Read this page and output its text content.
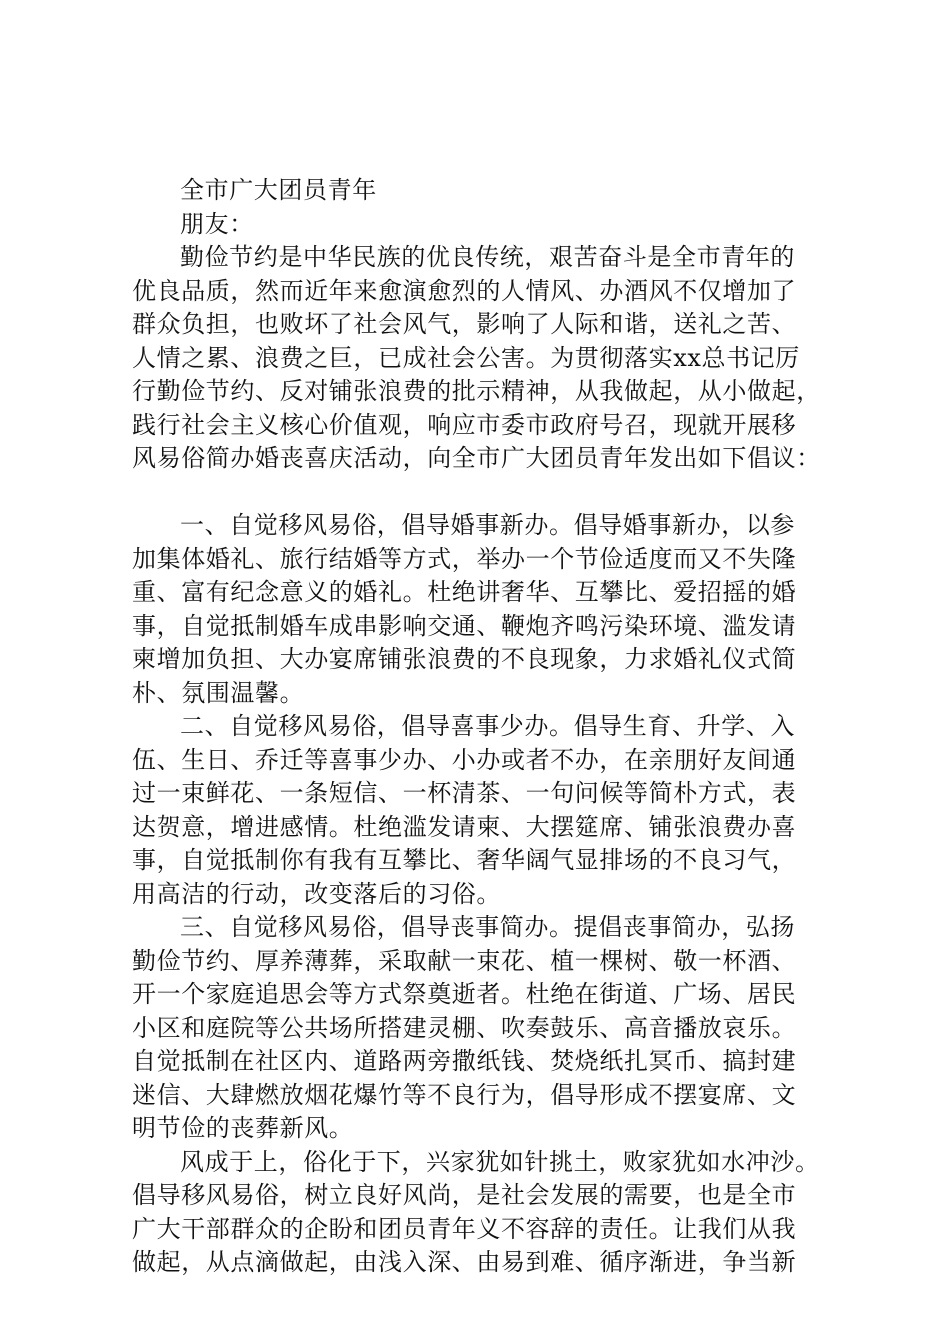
全市广大团员青年

朋友：

勤俭节约是中华民族的优良传统，艰苦奋斗是全市青年的

优良品质，然而近年来愈演愈烈的人情风、办酒风不仅增加了

群众负担，也败坏了社会风气，影响了人际和谐，送礼之苦、

人情之累、浪费之巨，已成社会公害。为贯彻落实xx总书记厉

行勤俭节约、反对铺张浪费的批示精神，从我做起，从小做起，

践行社会主义核心价值观，响应市委市政府号召，现就开展移

风易俗简办婚丧喜庆活动，向全市广大团员青年发出如下倡议：

一、自觉移风易俗，倡导婚事新办。倡导婚事新办，以参

加集体婚礼、旅行结婚等方式，举办一个节俭适度而又不失隆

重、富有纪念意义的婚礼。杜绝讲奢华、互攀比、爱招摇的婚

事，自觉抵制婚车成串影响交通、鞭炮齐鸣污染环境、滥发请

柬增加负担、大办宴席铺张浪费的不良现象，力求婚礼仪式简

朴、氛围温馨。

二、自觉移风易俗，倡导喜事少办。倡导生育、升学、入

伍、生日、乔迁等喜事少办、小办或者不办，在亲朋好友间通

过一束鲜花、一条短信、一杯清茶、一句问候等简朴方式，表

达贺意，增进感情。杜绝滥发请柬、大摆筵席、铺张浪费办喜

事，自觉抵制你有我有互攀比、奢华阔气显排场的不良习气，

用高洁的行动，改变落后的习俗。

三、自觉移风易俗，倡导丧事简办。提倡丧事简办，弘扬

勤俭节约、厚养薄葬，采取献一束花、植一棵树、敬一杯酒、

开一个家庭追思会等方式祭奠逝者。杜绝在街道、广场、居民

小区和庭院等公共场所搭建灵棚、吹奏鼓乐、高音播放哀乐。

自觉抵制在社区内、道路两旁撒纸钱、焚烧纸扎冥币、搞封建

迷信、大肆燃放烟花爆竹等不良行为，倡导形成不摆宴席、文

明节俭的丧葬新风。

风成于上，俗化于下，兴家犹如针挑土，败家犹如水冲沙。

倡导移风易俗，树立良好风尚，是社会发展的需要，也是全市

广大干部群众的企盼和团员青年义不容辞的责任。让我们从我

做起，从点滴做起，由浅入深、由易到难、循序渐进，争当新
